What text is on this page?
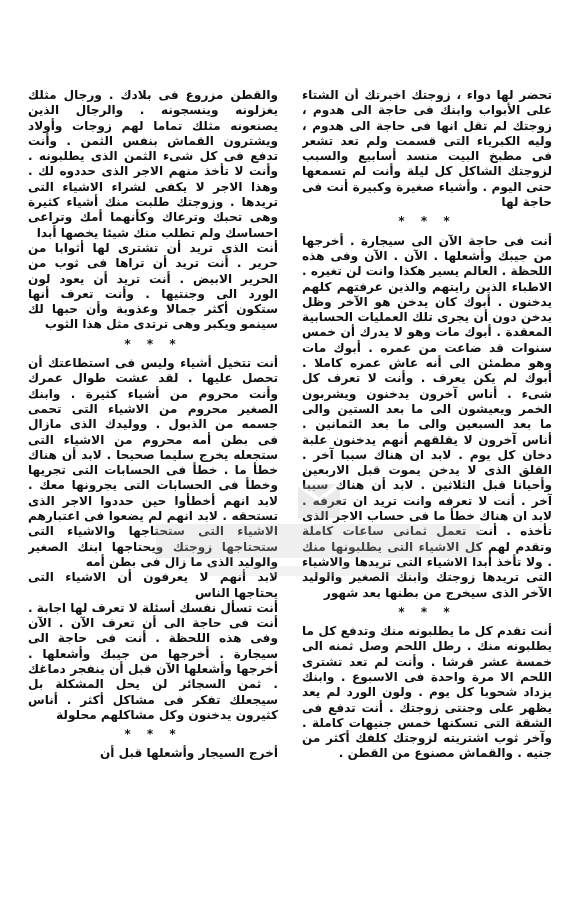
تحضر لها دواء ، زوجتك اخبرتك أن الشتاء على الأبواب وابنك فى حاجة الى هدوم ، زوجتك لم تقل انها فى حاجة الى هدوم ، وليه الكبرياء التى قسمت ولم تعد تشعر فى مطبخ البيت منسد أسابيع والسبب لزوجتك الشاكل كل ليلة وأنت لم تسمعها حتى اليوم . وأشياء صغيرة وكبيرة أنت فى حاجة لها

* * *

أنت فى حاجة الآن الى سيجارة . أخرجها من جيبك وأشعلها . الآن . الآن وفى هذه اللحظة . العالم يسير هكذا وانت لن تغيره . الاطباء الذين رايتهم والذين عرفتهم كلهم يدخنون . أبوك كان يدخن هو الآخر وظل يدخن دون أن يجرى تلك العمليات الحسابية المعقدة . أبوك مات وهو لا يدرك أن خمس سنوات قد ضاعت من عمره . أبوك مات وهو مطمئن الى أنه عاش عمره كاملا . أبوك لم يكن يعرف . وأنت لا تعرف كل شىء . أناس آخرون يدخنون ويشربون الخمر ويعيشون الى ما بعد الستين والى ما بعد السبعين والى ما بعد الثمانين . أناس آخرون لا يقلقهم أنهم يدخنون علبة دخان كل يوم . لابد ان هناك سببا آخر . القلق الذى لا يدخن يموت قبل الاربعين وأحيانا قبل الثلاثين . لابد أن هناك سببا آخر . أنت لا تعرفه وانت تريد ان تعرفه . لابد ان هناك خطأ ما فى حساب الاجر الذى تأخذه . أنت تعمل ثمانى ساعات كاملة وتقدم لهم كل الاشياء التى يطلبونها منك . ولا تأخذ أبدا الاشياء التى تريدها والاشياء التى تريدها زوجتك وابنك الصغير والوليد الآخر الذى سيخرج من بطنها بعد شهور

* * *

أنت تقدم كل ما يطلبونه منك وتدفع كل ما يطلبونه منك . رطل اللحم وصل ثمنه الى خمسة عشر قرشا . وأنت لم تعد تشترى اللحم الا مرة واحدة فى الاسبوع . وابنك يزداد شحوبا كل يوم . ولون الورد لم يعد يظهر على وجنتى زوجتك . أنت تدفع فى الشقة التى تسكنها خمس جنيهات كاملة . وآخر ثوب اشتريته لزوجتك كلفك أكثر من جنيه . والقماش مصنوع من القطن .

والقطن مزروع فى بلادك . ورجال مثلك يغزلونه وينسجونه . والرجال الذين يصنعونه مثلك تماما لهم زوجات وأولاد ويشترون القماش بنفس الثمن . وأنت تدفع فى كل شىء الثمن الذى يطلبونه . وأنت لا تأخذ منهم الاجر الذى حددوه لك . وهذا الاجر لا يكفى لشراء الاشياء التى تريدها . وزوجتك طلبت منك أشياء كثيرة وهى تحبك وترعاك وكأنهما أمك وتراعى احساسك ولم تطلب منك شيئا يخصها أبدا

أنت الذى تريد أن تشترى لها أثوابا من حرير . أنت تريد أن تراها فى ثوب من الحرير الابيض . أنت تريد أن يعود لون الورد الى وجنتيها . وأنت تعرف أنها ستكون أكثر جمالا وعذوبة وأن حبها لك سينمو ويكبر وهى ترتدى مثل هذا الثوب

* * *

أنت تتخيل أشياء وليس فى استطاعتك أن تحصل عليها . لقد عشت طوال عمرك وأنت محروم من أشياء كثيرة . وابنك الصغير محروم من الاشياء التى تحمى جسمه من الذبول . ووليدك الذى مازال فى بطن أمه محروم من الاشياء التى ستجعله يخرج سليما صحيحا . لابد أن هناك خطأ ما . خطأ فى الحسابات التى تجريها وخطأ فى الحسابات التى يجرونها معك . لابد انهم أخطأوا حين حددوا الاجر الذى تستحقه . لابد انهم لم يضعوا فى اعتبارهم الاشياء التى ستحتاجها والاشياء التى ستحتاجها زوجتك ويحتاجها ابنك الصغير والوليد الذى ما زال فى بطن أمه

لابد أنهم لا يعرفون أن الاشياء التى يحتاجها الناس

أنت تسأل نفسك أسئلة لا تعرف لها اجابة . أنت فى حاجة الى أن تعرف الآن . الآن وفى هذه اللحظة . أنت فى حاجة الى سيجارة . أخرجها من جيبك وأشعلها . أخرجها وأشعلها الآن قبل أن ينفجر دماغك . ثمن السجائر لن يحل المشكلة بل سيجعلك تفكر فى مشاكل أكثر . أناس كثيرون يدخنون وكل مشاكلهم محلولة

* * *

أخرج السيجار وأشعلها قبل أن
